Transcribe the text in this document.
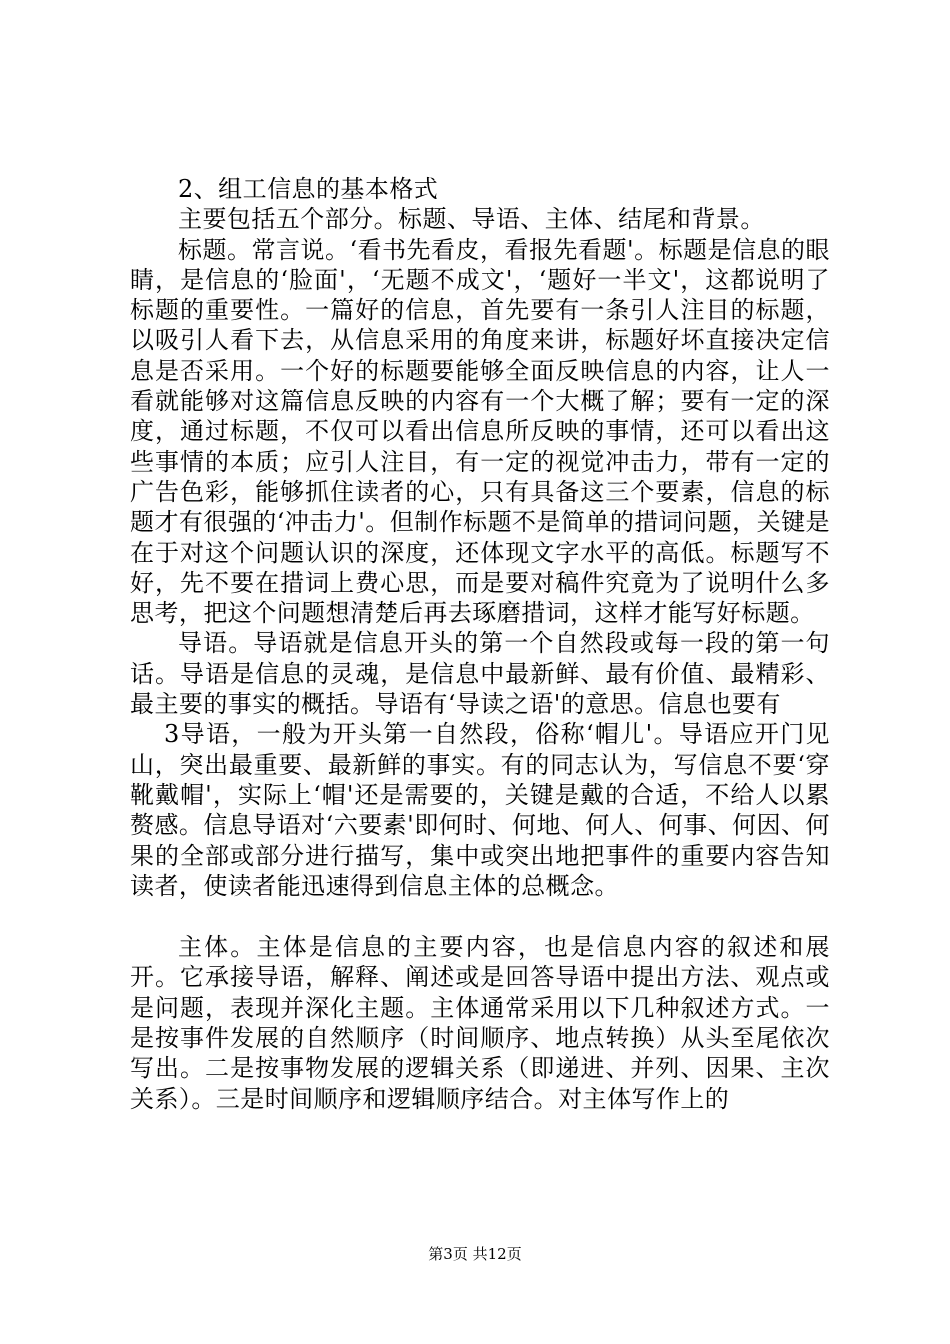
2、组工信息的基本格式

主要包括五个部分。标题、导语、主体、结尾和背景。

标题。常言说。‘看书先看皮，看报先看题'。标题是信息的眼睛，是信息的‘脸面'，‘无题不成文'，‘题好一半文'，这都说明了标题的重要性。一篇好的信息，首先要有一条引人注目的标题，以吸引人看下去，从信息采用的角度来讲，标题好坏直接决定信息是否采用。一个好的标题要能够全面反映信息的内容，让人一看就能够对这篇信息反映的内容有一个大概了解；要有一定的深度，通过标题，不仅可以看出信息所反映的事情，还可以看出这些事情的本质；应引人注目，有一定的视觉冲击力，带有一定的广告色彩，能够抓住读者的心，只有具备这三个要素，信息的标题才有很强的‘冲击力'。但制作标题不是简单的措词问题，关键是在于对这个问题认识的深度，还体现文字水平的高低。标题写不好，先不要在措词上费心思，而是要对稿件究竟为了说明什么多思考，把这个问题想清楚后再去琢磨措词，这样才能写好标题。

导语。导语就是信息开头的第一个自然段或每一段的第一句话。导语是信息的灵魂，是信息中最新鲜、最有价值、最精彩、最主要的事实的概括。导语有‘导读之语'的意思。信息也要有

3导语，一般为开头第一自然段，俗称‘帽儿'。导语应开门见山，突出最重要、最新鲜的事实。有的同志认为，写信息不要‘穿靴戴帽'，实际上‘帽'还是需要的，关键是戴的合适，不给人以累赘感。信息导语对‘六要素'即何时、何地、何人、何事、何因、何果的全部或部分进行描写，集中或突出地把事件的重要内容告知读者，使读者能迅速得到信息主体的总概念。

主体。主体是信息的主要内容，也是信息内容的叙述和展开。它承接导语，解释、阐述或是回答导语中提出方法、观点或是问题，表现并深化主题。主体通常采用以下几种叙述方式。一是按事件发展的自然顺序（时间顺序、地点转换）从头至尾依次写出。二是按事物发展的逻辑关系（即递进、并列、因果、主次关系）。三是时间顺序和逻辑顺序结合。对主体写作上的

第3页 共12页
